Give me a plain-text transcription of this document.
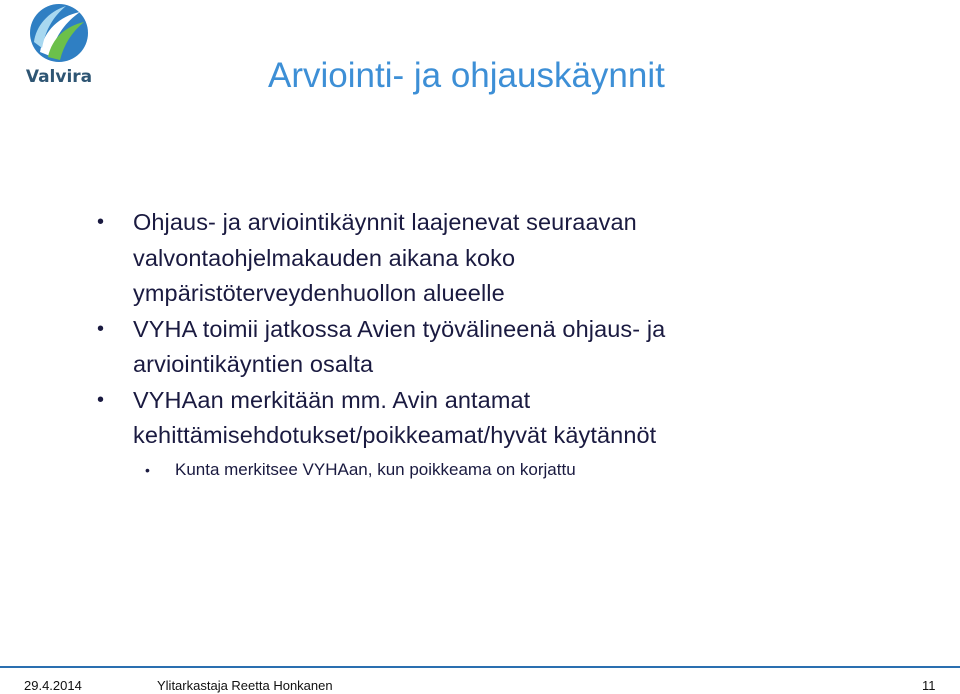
Valvira	Arviointi- ja ohjauskäynnit
• Ohjaus- ja arviointikäynnit laajenevat seuraavan
valvontaohjelmakauden aikana koko
ympäristöterveydenhuollon alueelle
• VYHA toimii jatkossa Avien työvälineenä ohjaus- ja
arviointikäyntien osalta
• VYHAan merkitään mm. Avin antamat
kehittämisehdotukset/poikkeamat/hyvät käytännöt
• Kunta merkitsee VYHAan, kun poikkeama on korjattu
29.4.2014	Ylitarkastaja Reetta Honkanen	11
